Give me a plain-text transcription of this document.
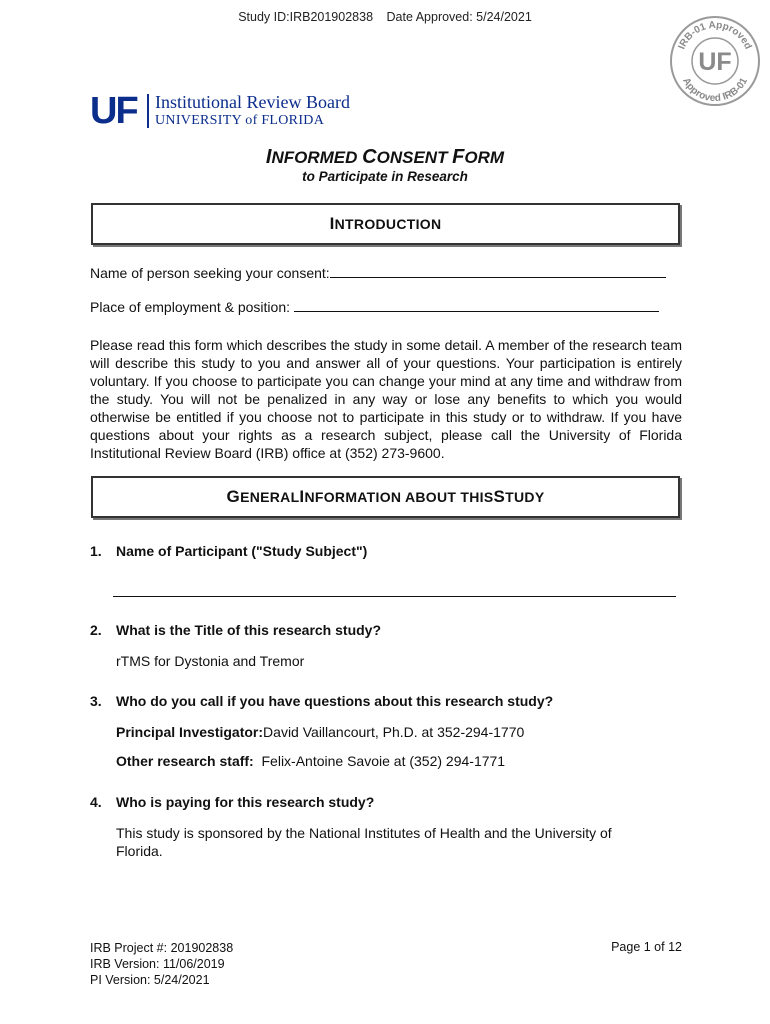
Study ID:IRB201902838 Date Approved: 5/24/2021
IRB-01 Approved
Approved IRB-01
UF
UF Institutional Review Board
UNIVERSITY of FLORIDA
INFORMED CONSENT FORM
to Participate in Research
I NTRODUCTION
Name of person seeking your consent:
Place of employment & position:
Please read this form which describes the study in some detail. A member of the research team will describe this study to you and answer all of your questions. Your participation is entirely voluntary. If you choose to participate you can change your mind at any time and withdraw from the study. You will not be penalized in any way or lose any benefits to which you would otherwise be entitled if you choose not to participate in this study or to withdraw. If you have questions about your rights as a research subject, please call the University of Florida Institutional Review Board (IRB) office at (352) 273-9600.
G ENERAL I NFORMATION ABOUT THIS S TUDY
1. Name of Participant ("Study Subject")
2. What is the Title of this research study?
rTMS for Dystonia and Tremor
3. Who do you call if you have questions about this research study?
Principal Investigator:David Vaillancourt, Ph.D. at 352-294-1770
Other research staff: Felix-Antoine Savoie at (352) 294-1771
4. Who is paying for this research study?
This study is sponsored by the National Institutes of Health and the University of Florida.
IRB Project #: 201902838
IRB Version: 11/06/2019
PI Version: 5/24/2021
Page 1 of 12
